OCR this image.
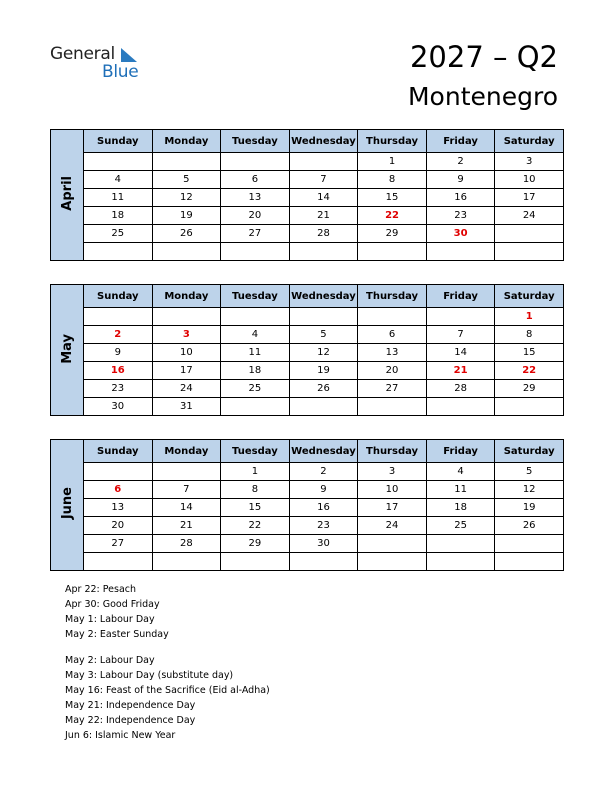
General
Blue	2027 – Q2
Montenegro
April	Sunday	Monday	Tuesday	Wednesday	Thursday	Friday	Saturday
					1	2	3
	4	5	6	7	8	9	10
	11	12	13	14	15	16	17
	18	19	20	21	22	23	24
	25	26	27	28	29	30	

May	Sunday	Monday	Tuesday	Wednesday	Thursday	Friday	Saturday
							1
	2	3	4	5	6	7	8
	9	10	11	12	13	14	15
	16	17	18	19	20	21	22
	23	24	25	26	27	28	29
	30	31					
June	Sunday	Monday	Tuesday	Wednesday	Thursday	Friday	Saturday
			1	2	3	4	5
	6	7	8	9	10	11	12
	13	14	15	16	17	18	19
	20	21	22	23	24	25	26
	27	28	29	30			

Apr 22: Pesach
Apr 30: Good Friday
May 1: Labour Day
May 2: Easter Sunday
May 2: Labour Day
May 3: Labour Day (substitute day)
May 16: Feast of the Sacrifice (Eid al-Adha)
May 21: Independence Day
May 22: Independence Day
Jun 6: Islamic New Year
